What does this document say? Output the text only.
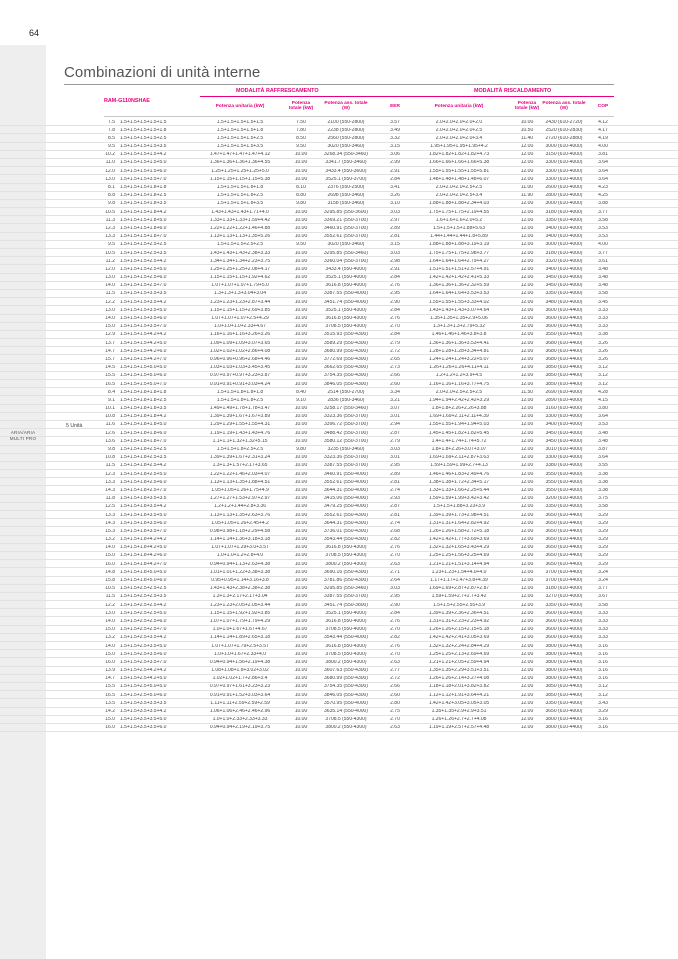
64
ARIA/ARIA
MULTI PRO
Combinazioni di unità interne
MODALITÀ RAFFRESCAMENTO	MODALITÀ RISCALDAMENTO
RAM-G110NSHAE
Potenza unitaria (kW)
Potenza totale (kW)
Potenza ass. totale (W)	EER	Potenza unitaria (kW)
Potenza totale (kW)
Potenza ass. totale (W)	COP
5 Unità
7.5 1.5+1.5+1.5+1.5+1.5	1.5+1.5+1.5+1.5+1.5	7.50	2100 (550-2800)	3.57	2.0+2.0+2.0+2.0+2.0	10.00	2430 (610-2720)	4.12
7.8 1.5+1.5+1.5+1.5+1.8	1.5+1.5+1.5+1.5+1.8	7.80	2238 (550-2800)	3.49	2.0+2.0+2.0+2.0+2.5	10.50	2520 (610-2830)	4.17
8.5 1.5+1.5+1.5+1.5+2.5	1.5+1.5+1.5+1.5+2.5	8.50	2560 (550-2800)	3.32	2.0+2.0+2.0+2.0+3.4	11.40	2720 (610-2880)	4.19
9.5 1.5+1.5+1.5+1.5+3.5	1.5+1.5+1.5+1.5+3.5	9.50	3020 (550-3460)	3.15	1.95+1.95+1.95+1.95+4.2	12.00	3000 (610-4000)	4.00
10.2 1.5+1.5+1.5+1.5+4.2	1.47+1.47+1.47+1.47+4.12	10.00	3268.34 (550-3460)	3.06	1.82+1.82+1.82+1.82+4.73	12.00	3150 (610-4000)	3.81
11.0 1.5+1.5+1.5+1.5+5.0	1.36+1.36+1.36+1.36+4.55	10.00	3341.7 (550-3460)	2.99	1.66+1.66+1.66+1.66+5.38	12.00	3300 (610-4000)	3.64
12.0 1.5+1.5+1.5+1.5+6.0	1.25+1.25+1.25+1.25+5.0	10.00	3433.4 (550-3600)	2.91	1.55+1.55+1.55+1.55+5.81	12.00	3300 (610-4000)	3.64
13.0 1.5+1.5+1.5+3.5+7.0	1.15+1.15+1.15+1.15+5.38	10.00	3525.1 (550-3700)	2.84	1.48+1.48+1.48+1.48+6.07	12.00	3300 (610-4000)	3.64
8.1 1.5+1.5+1.5+1.8+1.8	1.5+1.5+1.5+1.8+1.8	8.10	2376 (550-2500)	3.41	2.0+2.0+2.0+2.5+2.5	11.00	2600 (610-4000)	4.23
8.8 1.5+1.5+1.5+1.8+2.5	1.5+1.5+1.5+1.8+2.5	8.80	2698 (550-3460)	3.26	2.0+2.0+2.0+2.5+3.4	11.90	2800 (610-4000)	4.25
9.8 1.5+1.5+1.5+1.8+3.5	1.5+1.5+1.5+1.8+3.5	9.80	3158 (550-3460)	3.10	1.88+1.88+1.88+2.34+4.03	12.00	3000 (610-4000)	3.88
10.5 1.5+1.5+1.5+1.8+4.2	1.43+1.43+1.43+1.71+4.0	10.00	3295.85 (550-3600)	3.03	1.75+1.75+1.75+2.19+4.55	12.00	3180 (610-4000)	3.77
11.3 1.5+1.5+1.5+1.8+5.0	1.33+1.33+1.33+1.59+4.42	10.00	3369.21 (550-3700)	2.97	1.6+1.6+1.6+2.0+5.2	12.00	3350 (610-4000)	3.58
12.3 1.5+1.5+1.5+1.8+6.0	1.22+1.22+1.22+1.46+4.88	10.00	3460.91 (550-3700)	2.89	1.5+1.5+1.5+1.88+5.63	12.00	3400 (610-4000)	3.53
13.3 1.5+1.5+1.5+1.8+7.0	1.13+1.13+1.13+1.35+5.26	10.00	3552.61 (550-3700)	2.81	1.44+1.44+1.44+1.8+5.89	12.00	3400 (610-4000)	3.53
9.5 1.5+1.5+1.5+2.5+2.5	1.5+1.5+1.5+2.5+2.5	9.50	3020 (550-3460)	3.15	1.88+1.88+1.88+3.19+3.19	12.00	3000 (610-4000)	4.00
10.5 1.5+1.5+1.5+2.5+3.5	1.43+1.43+1.43+2.38+3.33	10.00	3295.85 (550-3460)	3.03	1.75+1.75+1.75+2.98+3.77	12.00	3180 (610-4000)	3.77
11.2 1.5+1.5+1.5+2.5+4.2	1.34+1.34+1.34+2.23+3.75	10.00	3360.04 (550-3700)	2.98	1.64+1.64+1.64+2.79+4.27	12.00	3320 (610-4000)	3.61
12.0 1.5+1.5+1.5+2.5+5.0	1.25+1.25+1.25+2.08+4.17	10.00	3433.4 (550-4000)	2.91	1.51+1.51+1.51+2.57+4.91	12.00	3400 (610-4000)	3.48
13.0 1.5+1.5+1.5+2.5+6.0	1.15+1.15+1.15+1.92+4.62	10.00	3525.1 (550-4000)	2.84	1.42+1.42+1.42+2.41+5.33	12.00	3450 (610-4000)	3.48
14.0 1.5+1.5+1.5+2.5+7.0	1.07+1.07+1.07+1.79+5.0	10.00	3616.8 (550-4000)	2.76	1.36+1.36+1.36+2.32+5.59	12.00	3450 (610-4000)	3.48
11.5 1.5+1.5+1.5+3.5+3.5	1.3+1.3+1.3+3.04+3.04	10.00	3387.55 (550-4000)	2.95	1.64+1.64+1.64+3.53+3.53	12.00	3350 (610-4000)	3.58
12.2 1.5+1.5+1.5+3.5+4.2	1.23+1.23+1.23+2.87+3.44	10.00	3451.74 (550-4000)	2.90	1.55+1.55+1.55+3.33+4.02	12.00	3480 (610-4000)	3.45
13.0 1.5+1.5+1.5+3.5+5.0	1.15+1.15+1.15+2.69+3.85	10.00	3525.1 (550-4300)	2.84	1.43+1.43+1.43+3.07+4.64	12.00	3600 (610-4400)	3.33
14.0 1.5+1.5+1.5+3.5+6.0	1.07+1.07+1.07+2.5+4.29	10.00	3616.8 (550-4300)	2.76	1.35+1.35+1.35+2.9+5.06	12.00	3600 (610-4400)	3.33
15.0 1.5+1.5+1.5+3.5+7.0	1.0+1.0+1.0+2.33+4.67	10.00	3708.5 (550-4300)	2.70	1.3+1.3+1.3+2.79+5.32	12.00	3600 (610-4400)	3.33
12.9 1.5+1.5+1.5+4.2+4.2	1.16+1.16+1.16+3.26+3.26	10.00	3515.93 (550-4300)	2.84	1.46+1.46+1.46+3.8+3.8	12.00	3550 (610-4400)	3.38
13.7 1.5+1.5+1.5+4.2+5.0	1.09+1.09+1.09+3.07+3.65	10.00	3589.29 (550-4300)	2.79	1.36+1.36+1.36+3.53+4.41	12.00	3680 (610-4400)	3.26
14.7 1.5+1.5+1.5+4.2+6.0	1.02+1.02+1.02+2.86+4.08	10.00	3680.99 (550-4300)	2.72	1.28+1.28+1.28+3.34+4.81	12.00	3680 (610-4400)	3.26
15.7 1.5+1.5+1.5+4.2+7.0	0.96+0.96+0.96+2.68+4.46	10.00	3772.69 (550-4300)	2.65	1.24+1.24+1.24+3.22+5.07	12.00	3680 (610-4400)	3.26
14.5 1.5+1.5+1.5+5.0+5.0	1.03+1.03+1.03+3.45+3.45	10.00	3662.65 (550-4300)	2.73	1.26+1.26+1.26+4.11+4.11	12.00	3850 (610-4400)	3.12
15.5 1.5+1.5+1.5+5.0+6.0	0.97+0.97+0.97+3.23+3.87	10.00	3754.35 (550-4300)	2.66	1.2+1.2+1.2+3.9+4.5	12.00	3850 (610-4400)	3.12
16.5 1.5+1.5+1.5+5.0+7.0	0.91+0.91+0.91+3.03+4.24	10.00	3846.05 (550-4300)	2.60	1.16+1.16+1.16+3.77+4.75	12.00	3850 (610-4400)	3.12
8.4 1.5+1.5+1.8+1.8+1.8	1.5+1.5+1.8+1.8+1.8	8.40	2514 (550-2700)	3.34	2.0+2.0+2.5+2.5+2.5	11.50	2690 (610-4000)	4.28
9.1 1.5+1.5+1.8+1.8+2.5	1.5+1.5+1.8+1.8+2.5	9.10	2836 (550-3460)	3.21	1.94+1.94+2.42+2.42+3.29	12.00	2890 (610-4000)	4.15
10.1 1.5+1.5+1.8+1.8+3.5	1.49+1.49+1.78+1.78+3.47	10.00	3258.17 (550-3460)	3.07	1.8+1.8+2.26+2.26+3.88	12.00	3160 (610-4000)	3.80
10.8 1.5+1.5+1.8+1.8+4.2	1.39+1.39+1.67+1.67+3.89	10.00	3323.36 (550-3700)	3.01	1.69+1.69+2.11+2.11+4.39	12.00	3300 (610-4000)	3.64
11.6 1.5+1.5+1.8+1.8+5.0	1.29+1.29+1.55+1.55+4.31	10.00	3396.72 (550-3700)	2.94	1.55+1.55+1.94+1.94+5.03	12.00	3400 (610-4000)	3.53
12.6 1.5+1.5+1.8+1.8+6.0	1.19+1.19+1.43+1.43+4.76	10.00	3488.42 (550-3700)	2.87	1.45+1.45+1.82+1.82+5.45	12.00	3450 (610-4000)	3.48
13.6 1.5+1.5+1.8+1.8+7.0	1.1+1.1+1.32+1.32+5.15	10.00	3580.12 (550-3700)	2.79	1.4+1.4+1.74+1.74+5.72	12.00	3450 (610-4000)	3.48
9.8 1.5+1.5+1.8+2.5+2.5	1.5+1.5+1.8+2.5+2.5	9.80	3235 (550-3460)	3.03	1.8+1.8+2.26+3.07+3.07	12.00	3010 (610-4000)	3.87
10.8 1.5+1.5+1.8+2.5+3.5	1.39+1.39+1.67+2.31+3.24	10.00	3323.36 (550-3700)	3.01	1.69+1.69+2.11+2.87+3.63	12.00	3300 (610-4000)	3.64
11.5 1.5+1.5+1.8+2.5+4.2	1.3+1.3+1.57+2.17+3.65	10.00	3387.55 (550-3700)	2.95	1.59+1.59+1.99+2.7+4.13	12.00	3380 (610-4000)	3.55
12.3 1.5+1.5+1.8+2.5+5.0	1.22+1.22+1.46+2.03+4.07	10.00	3460.91 (550-4000)	2.89	1.46+1.46+1.83+2.49+4.76	12.00	3550 (610-4000)	3.38
13.3 1.5+1.5+1.8+2.5+6.0	1.13+1.13+1.35+1.88+4.51	10.00	3552.61 (550-4000)	2.81	1.38+1.38+1.72+2.34+5.17	12.00	3550 (610-4000)	3.38
14.3 1.5+1.5+1.8+2.5+7.0	1.05+1.05+1.26+1.75+4.9	10.00	3644.31 (550-4000)	2.74	1.33+1.33+1.66+2.25+5.44	12.00	3550 (610-4000)	3.38
11.8 1.5+1.5+1.8+3.5+3.5	1.27+1.27+1.53+2.97+2.97	10.00	3415.06 (550-4000)	2.93	1.59+1.59+1.99+3.42+3.42	12.00	3200 (610-4000)	3.75
12.5 1.5+1.5+1.8+3.5+4.2	1.2+1.2+1.44+2.8+3.36	10.00	3479.25 (550-4000)	2.87	1.5+1.5+1.88+3.23+3.9	12.00	3350 (610-4000)	3.58
13.3 1.5+1.5+1.8+3.5+5.0	1.13+1.13+1.35+2.63+3.76	10.00	3552.61 (550-4300)	2.81	1.39+1.39+1.73+2.98+4.51	12.00	3650 (610-4400)	3.29
14.3 1.5+1.5+1.8+3.5+6.0	1.05+1.05+1.26+2.45+4.2	10.00	3644.31 (550-4300)	2.74	1.31+1.31+1.64+2.82+4.92	12.00	3650 (610-4400)	3.29
15.3 1.5+1.5+1.8+3.5+7.0	0.98+0.98+1.18+2.29+4.58	10.00	3736.01 (550-4300)	2.68	1.26+1.26+1.58+2.72+5.18	12.00	3650 (610-4400)	3.29
13.2 1.5+1.5+1.8+4.2+4.2	1.14+1.14+1.36+3.18+3.18	10.00	3543.44 (550-4300)	2.82	1.42+1.42+1.77+3.69+3.69	12.00	3650 (610-4400)	3.29
14.0 1.5+1.5+1.8+4.2+5.0	1.07+1.07+1.29+3.0+3.57	10.00	3616.8 (550-4300)	2.76	1.32+1.32+1.65+3.43+4.29	12.00	3650 (610-4400)	3.29
15.0 1.5+1.5+1.8+4.2+6.0	1.0+1.0+1.2+2.8+4.0	10.00	3708.5 (550-4300)	2.70	1.25+1.25+1.56+3.25+4.69	12.00	3650 (610-4400)	3.29
16.0 1.5+1.5+1.8+4.2+7.0	0.94+0.94+1.13+2.63+4.38	10.00	3800.2 (550-4300)	2.63	1.21+1.21+1.51+3.14+4.94	12.00	3650 (610-4400)	3.29
14.8 1.5+1.5+1.8+5.0+5.0	1.01+1.01+1.22+3.38+3.38	10.00	3690.16 (550-4300)	2.71	1.23+1.23+1.54+4.0+4.0	12.00	3700 (610-4400)	3.24
15.8 1.5+1.5+1.8+5.0+6.0	0.95+0.95+1.14+3.16+3.8	10.00	3781.86 (550-4300)	2.64	1.17+1.17+1.47+3.8+4.39	12.00	3700 (610-4400)	3.24
10.5 1.5+1.5+2.5+2.5+2.5	1.43+1.43+2.38+2.38+2.38	10.00	3295.85 (550-3460)	3.03	1.69+1.69+2.87+2.87+2.87	12.00	3180 (610-4000)	3.77
11.5 1.5+1.5+2.5+2.5+3.5	1.3+1.3+2.17+2.17+3.04	10.00	3387.55 (550-3700)	2.95	1.59+1.59+2.7+2.7+3.42	12.00	3270 (610-4000)	3.67
12.2 1.5+1.5+2.5+2.5+4.2	1.23+1.23+2.05+2.05+3.44	10.00	3451.74 (550-3800)	2.90	1.5+1.5+2.55+2.55+3.9	12.00	3350 (610-4000)	3.58
13.0 1.5+1.5+2.5+2.5+5.0	1.15+1.15+1.92+1.92+3.85	10.00	3525.1 (550-4000)	2.84	1.39+1.39+2.36+2.36+4.51	12.00	3600 (610-4000)	3.33
14.0 1.5+1.5+2.5+2.5+6.0	1.07+1.07+1.79+1.79+4.29	10.00	3616.8 (550-4000)	2.76	1.31+1.31+2.23+2.23+4.92	12.00	3600 (610-4000)	3.33
15.0 1.5+1.5+2.5+2.5+7.0	1.0+1.0+1.67+1.67+4.67	10.00	3708.5 (550-4000)	2.70	1.26+1.26+2.15+2.15+5.18	12.00	3600 (610-4000)	3.33
13.2 1.5+1.5+2.5+3.5+4.2	1.14+1.14+1.89+2.65+3.18	10.00	3543.44 (550-4000)	2.82	1.42+1.42+2.41+3.05+3.69	12.00	3600 (610-4000)	3.33
14.0 1.5+1.5+2.5+3.5+5.0	1.07+1.07+1.79+2.5+3.57	10.00	3616.8 (550-4300)	2.76	1.32+1.32+2.24+2.84+4.29	12.00	3800 (610-4400)	3.16
15.0 1.5+1.5+2.5+3.5+6.0	1.0+1.0+1.67+2.33+4.0	10.00	3708.5 (550-4300)	2.70	1.25+1.25+2.13+2.69+4.69	12.00	3800 (610-4400)	3.16
16.0 1.5+1.5+2.5+3.5+7.0	0.94+0.94+1.56+2.19+4.38	10.00	3800.2 (550-4300)	2.63	1.21+1.21+2.05+2.59+4.94	12.00	3800 (610-4400)	3.16
13.9 1.5+1.5+2.5+4.2+4.2	1.08+1.08+1.8+3.02+3.02	10.00	3607.63 (550-4300)	2.77	1.35+1.35+2.29+3.51+3.51	12.00	3800 (610-4400)	3.16
14.7 1.5+1.5+2.5+4.2+5.0	1.02+1.02+1.7+2.86+3.4	10.00	3680.99 (550-4300)	2.72	1.26+1.26+2.14+3.27+4.08	12.00	3800 (610-4400)	3.16
15.5 1.5+1.5+2.5+5.0+5.0	0.97+0.97+1.61+3.23+3.23	10.00	3754.35 (550-4300)	2.66	1.18+1.18+2.01+3.82+3.82	12.00	3850 (610-4400)	3.12
16.5 1.5+1.5+2.5+5.0+6.0	0.91+0.91+1.52+3.03+3.64	10.00	3846.05 (550-4300)	2.60	1.12+1.12+1.91+3.64+4.21	12.00	3850 (610-4400)	3.12
13.5 1.5+1.5+3.5+3.5+3.5	1.11+1.11+2.59+2.59+2.59	10.00	3570.95 (550-4000)	2.80	1.42+1.42+3.05+3.05+3.05	12.00	3350 (610-4000)	3.43
14.2 1.5+1.5+3.5+3.5+4.2	1.06+1.06+2.46+2.46+2.96	10.00	3635.14 (550-4000)	2.75	1.35+1.35+2.9+2.9+3.51	12.00	3650 (610-4000)	3.29
15.0 1.5+1.5+3.5+3.5+5.0	1.0+1.0+2.33+2.33+3.33	10.00	3708.5 (550-4300)	2.70	1.26+1.26+2.7+2.7+4.08	12.00	3800 (610-4400)	3.16
16.0 1.5+1.5+3.5+3.5+6.0	0.94+0.94+2.19+2.19+3.75	10.00	3800.2 (550-4300)	2.63	1.19+1.19+2.57+2.57+4.48	12.00	3800 (610-4400)	3.16
